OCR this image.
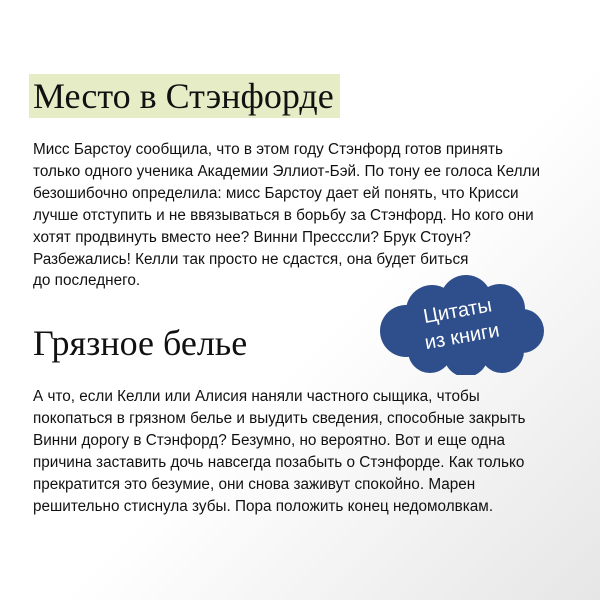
Место в Стэнфорде

Мисс Барстоу сообщила, что в этом году Стэнфорд готов принять
только одного ученика Академии Эллиот-Бэй. По тону ее голоса Келли
безошибочно определила: мисс Барстоу дает ей понять, что Крисси
лучше отступить и не ввязываться в борьбу за Стэнфорд. Но кого они
хотят продвинуть вместо нее? Винни Пресссли? Брук Стоун?
Разбежались! Келли так просто не сдастся, она будет биться
до последнего.

Цитаты
из книги
Грязное белье

А что, если Келли или Алисия наняли частного сыщика, чтобы
покопаться в грязном белье и выудить сведения, способные закрыть
Винни дорогу в Стэнфорд? Безумно, но вероятно. Вот и еще одна
причина заставить дочь навсегда позабыть о Стэнфорде. Как только
прекратится это безумие, они снова заживут спокойно. Марен
решительно стиснула зубы. Пора положить конец недомолвкам.
